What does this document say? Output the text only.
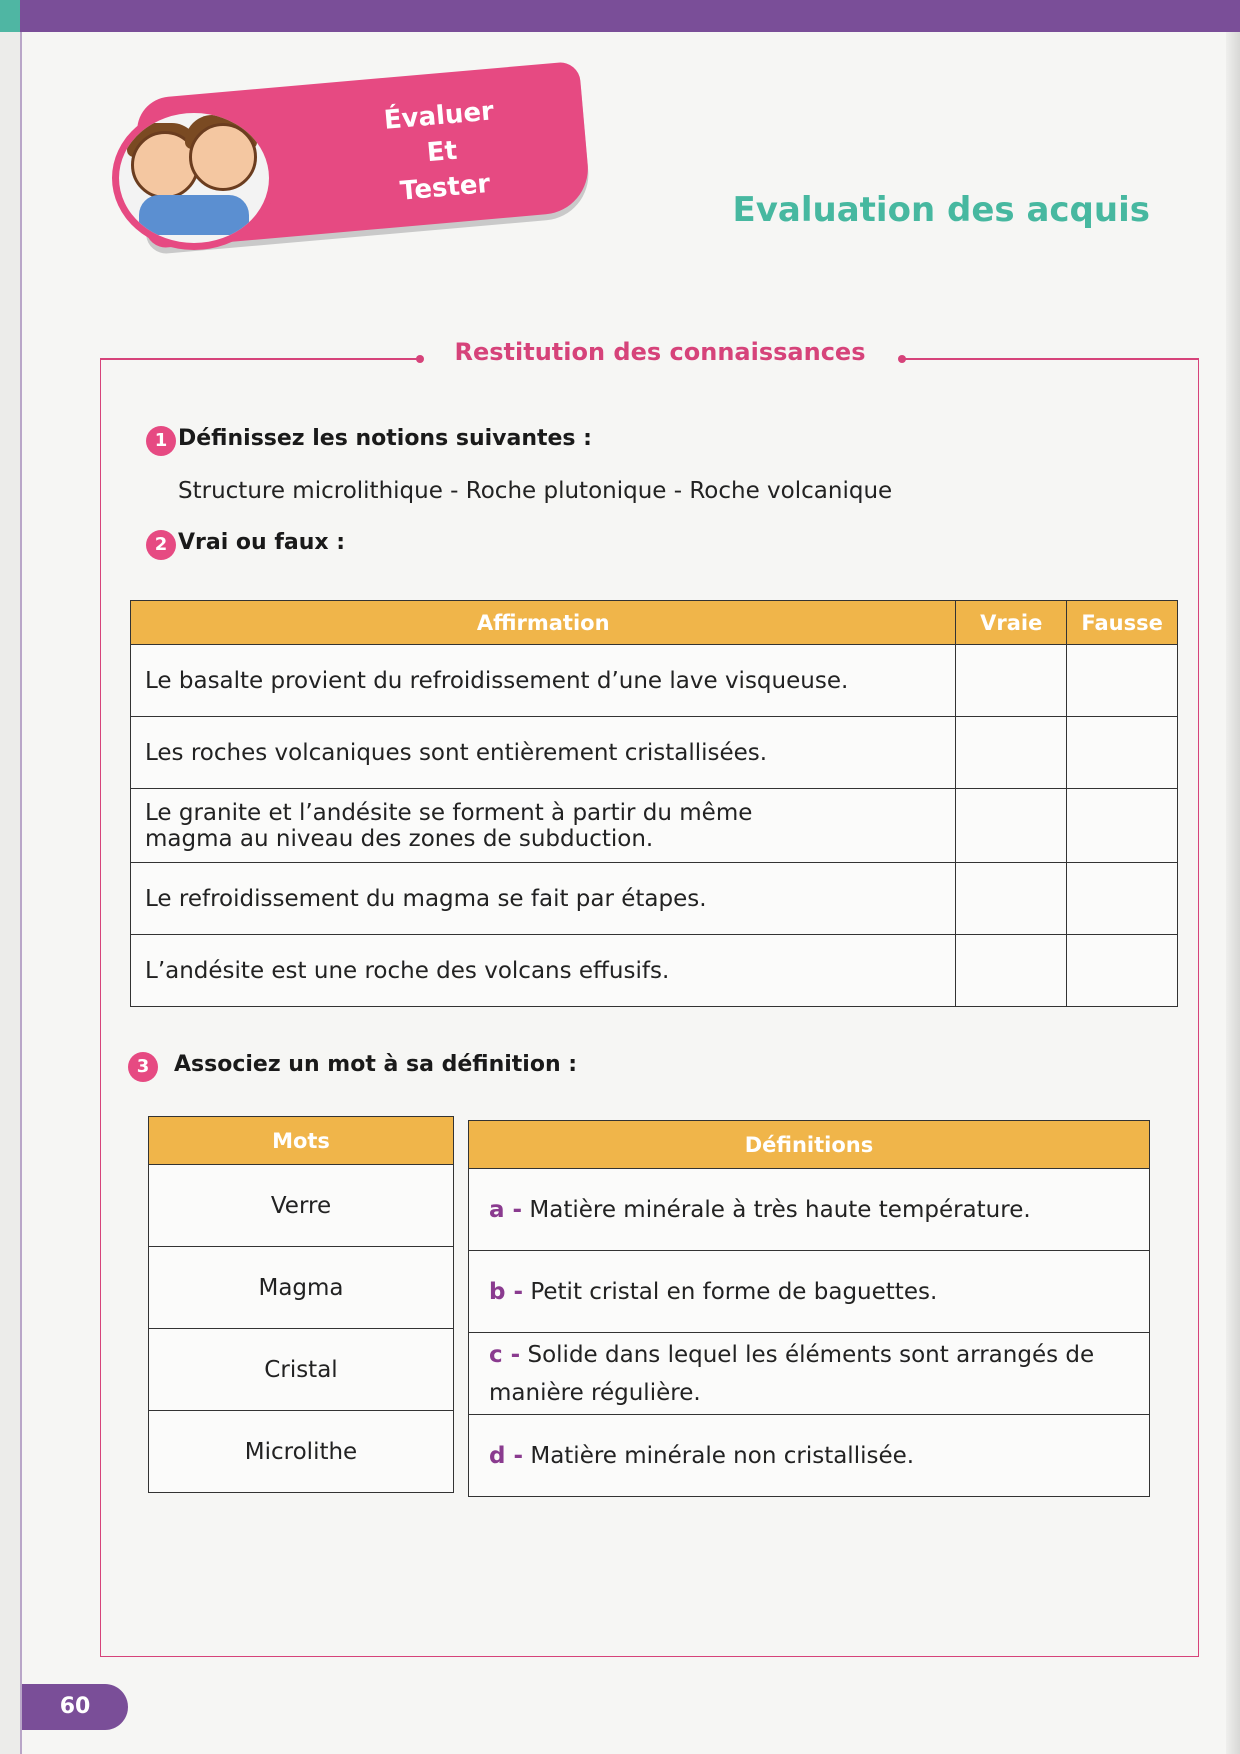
Évaluer
Et
Tester
Evaluation des acquis
Restitution des connaissances
1 Définissez les notions suivantes :
Structure microlithique - Roche plutonique - Roche volcanique
2 Vrai ou faux :
Affirmation	Vraie	Fausse
Le basalte provient du refroidissement d’une lave visqueuse.		
Les roches volcaniques sont entièrement cristallisées.		
Le granite et l’andésite se forment à partir du même
magma au niveau des zones de subduction.		
Le refroidissement du magma se fait par étapes.		
L’andésite est une roche des volcans effusifs.		
3	Associez un mot à sa définition :
Mots
Verre
Magma
Cristal
Microlithe
Définitions
a - Matière minérale à très haute température.
b - Petit cristal en forme de baguettes.
c - Solide dans lequel les éléments sont arrangés de
manière régulière.
d - Matière minérale non cristallisée.
60
